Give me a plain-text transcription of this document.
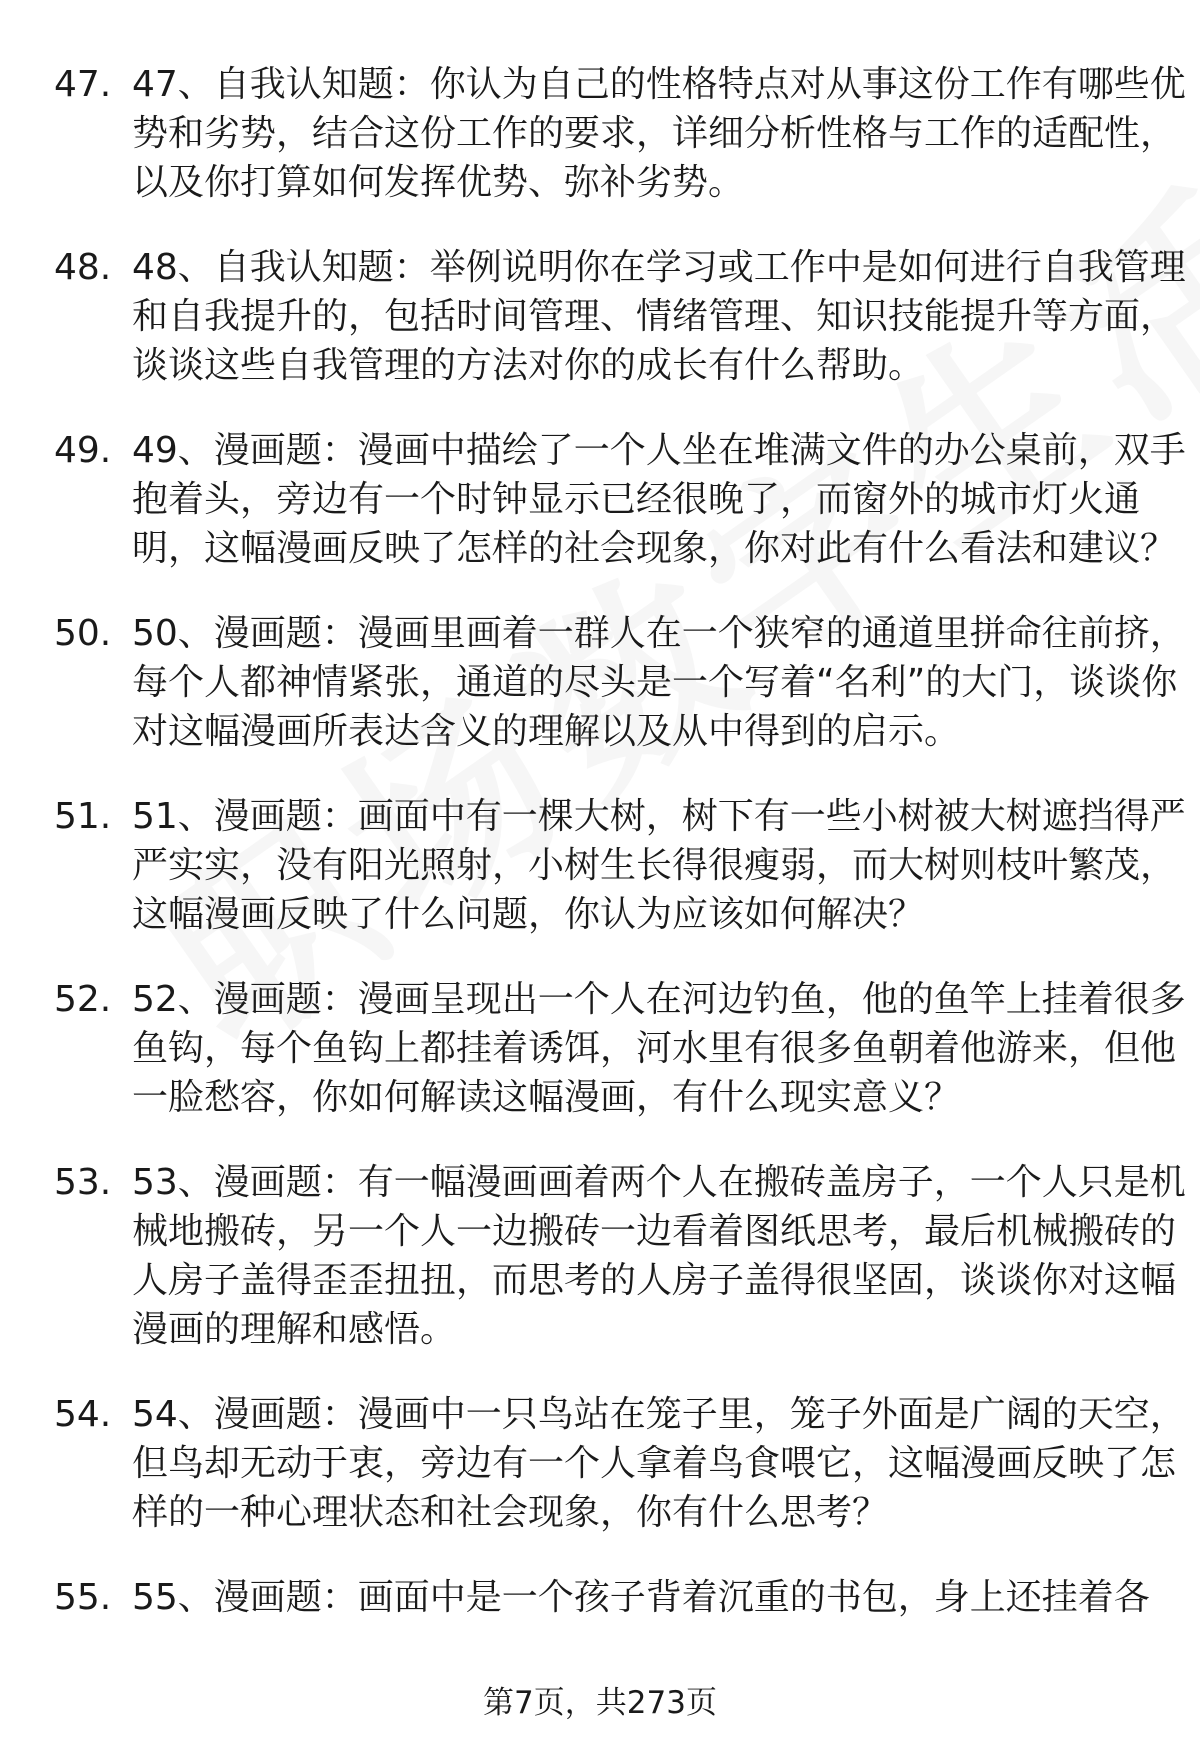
47. 47、自我认知题：你认为自己的性格特点对从事这份工作有哪些优势和劣势，结合这份工作的要求，详细分析性格与工作的适配性，以及你打算如何发挥优势、弥补劣势。
48. 48、自我认知题：举例说明你在学习或工作中是如何进行自我管理和自我提升的，包括时间管理、情绪管理、知识技能提升等方面，谈谈这些自我管理的方法对你的成长有什么帮助。
49. 49、漫画题：漫画中描绘了一个人坐在堆满文件的办公桌前，双手抱着头，旁边有一个时钟显示已经很晚了，而窗外的城市灯火通明，这幅漫画反映了怎样的社会现象，你对此有什么看法和建议？
50. 50、漫画题：漫画里画着一群人在一个狭窄的通道里拼命往前挤，每个人都神情紧张，通道的尽头是一个写着“名利”的大门，谈谈你对这幅漫画所表达含义的理解以及从中得到的启示。
51. 51、漫画题：画面中有一棵大树，树下有一些小树被大树遮挡得严严实实，没有阳光照射，小树生长得很瘦弱，而大树则枝叶繁茂，这幅漫画反映了什么问题，你认为应该如何解决？
52. 52、漫画题：漫画呈现出一个人在河边钓鱼，他的鱼竿上挂着很多鱼钩，每个鱼钩上都挂着诱饵，河水里有很多鱼朝着他游来，但他一脸愁容，你如何解读这幅漫画，有什么现实意义？
53. 53、漫画题：有一幅漫画画着两个人在搬砖盖房子，一个人只是机械地搬砖，另一个人一边搬砖一边看着图纸思考，最后机械搬砖的人房子盖得歪歪扭扭，而思考的人房子盖得很坚固，谈谈你对这幅漫画的理解和感悟。
54. 54、漫画题：漫画中一只鸟站在笼子里，笼子外面是广阔的天空，但鸟却无动于衷，旁边有一个人拿着鸟食喂它，这幅漫画反映了怎样的一种心理状态和社会现象，你有什么思考？
55. 55、漫画题：画面中是一个孩子背着沉重的书包，身上还挂着各
第7页，共273页
